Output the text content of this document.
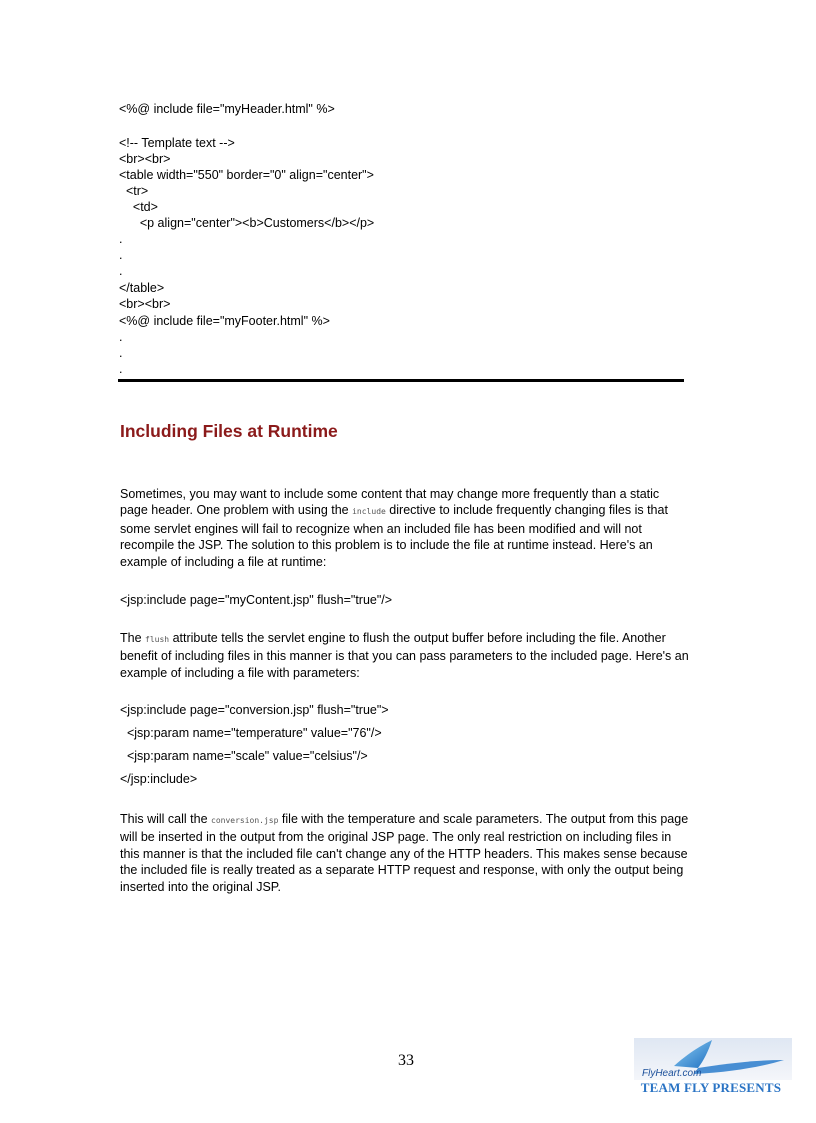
<%@ include file="myHeader.html" %>
<!-- Template text -->
<br><br>
<table width="550" border="0" align="center">
<tr>
<td>
<p align="center"><b>Customers</b></p>
.
.
.
</table>
<br><br>
<%@ include file="myFooter.html" %>
.
.
.
Including Files at Runtime
Sometimes, you may want to include some content that may change more frequently than a static page header. One problem with using the include directive to include frequently changing files is that some servlet engines will fail to recognize when an included file has been modified and will not recompile the JSP. The solution to this problem is to include the file at runtime instead. Here's an example of including a file at runtime:
<jsp:include page="myContent.jsp" flush="true"/>
The flush attribute tells the servlet engine to flush the output buffer before including the file. Another benefit of including files in this manner is that you can pass parameters to the included page. Here's an example of including a file with parameters:
<jsp:include page="conversion.jsp" flush="true">
<jsp:param name="temperature" value="76"/>
<jsp:param name="scale" value="celsius"/>
</jsp:include>
This will call the conversion.jsp file with the temperature and scale parameters. The output from this page will be inserted in the output from the original JSP page. The only real restriction on including files in this manner is that the included file can't change any of the HTTP headers. This makes sense because the included file is really treated as a separate HTTP request and response, with only the output being inserted into the original JSP.
33
FlyHeart.com
TEAM FLY PRESENTS
